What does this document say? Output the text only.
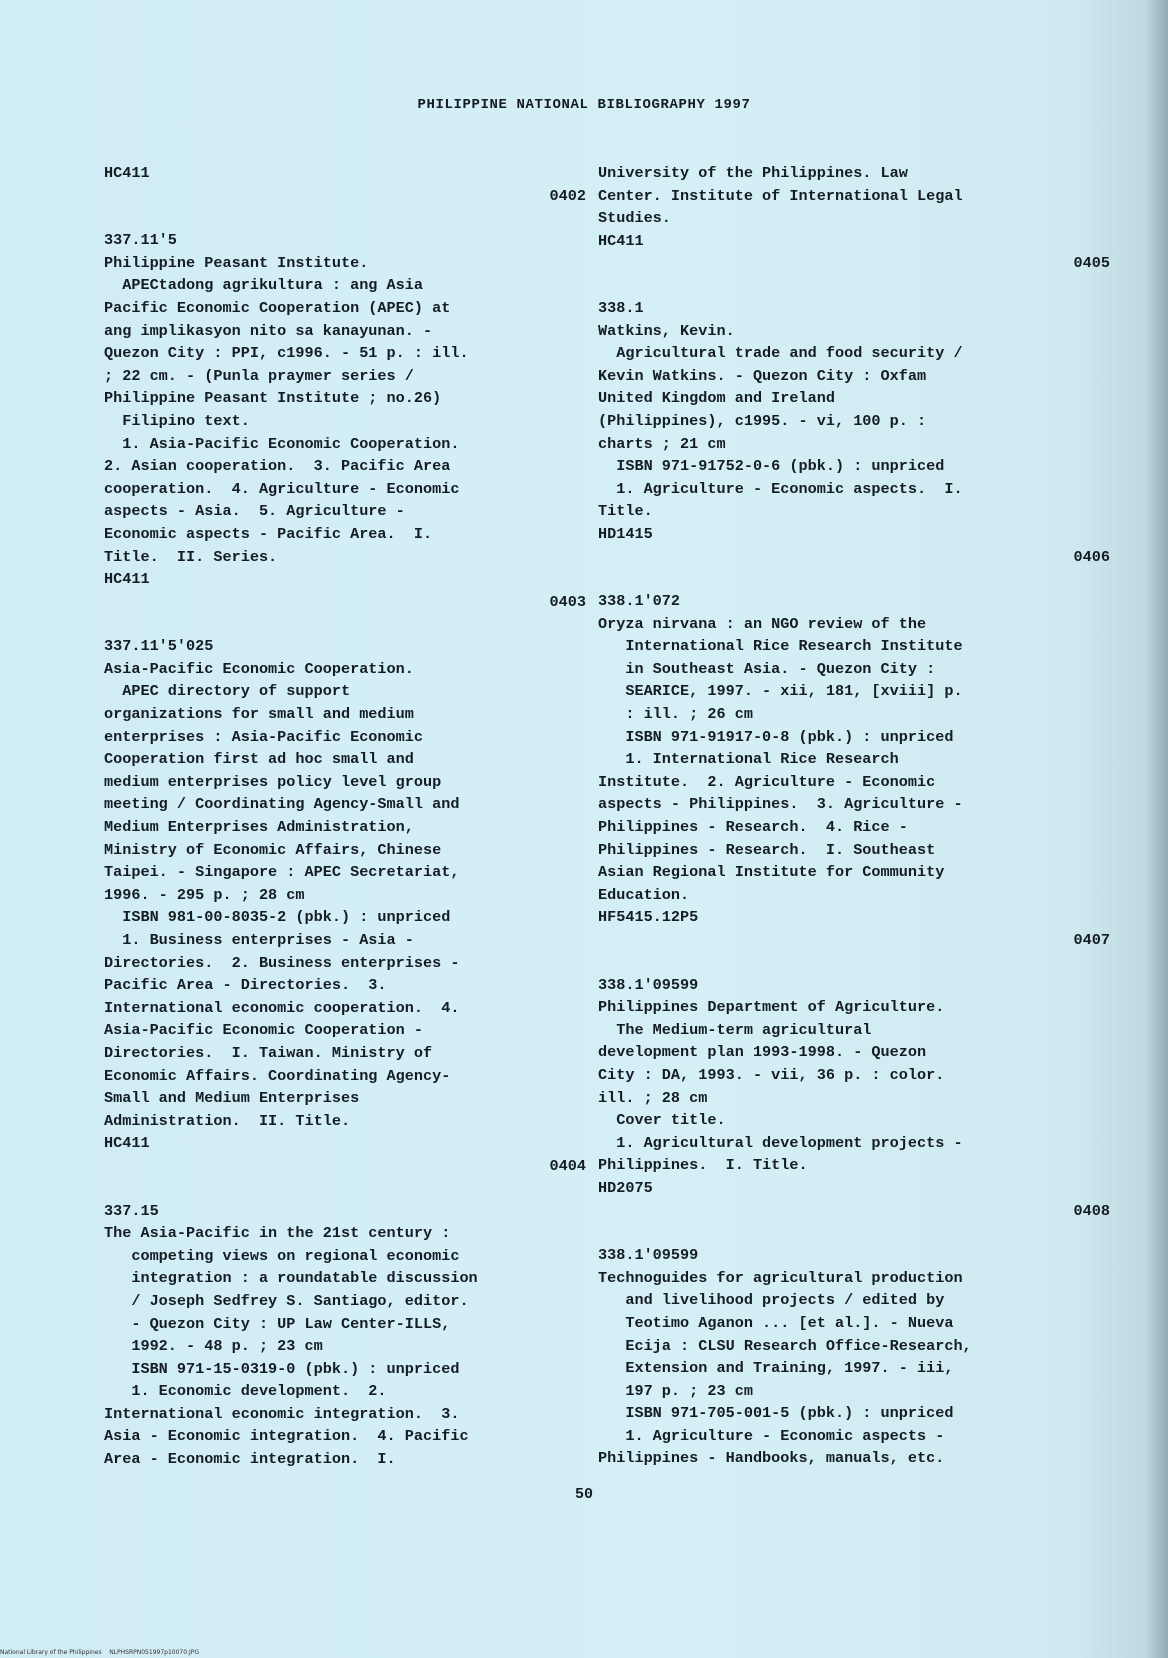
PHILIPPINE NATIONAL BIBLIOGRAPHY 1997
HC411
0402
337.11'5
Philippine Peasant Institute.
APECtadong agrikultura : ang Asia
Pacific Economic Cooperation (APEC) at
ang implikasyon nito sa kanayunan. -
Quezon City : PPI, c1996. - 51 p. : ill.
; 22 cm. - (Punla praymer series /
Philippine Peasant Institute ; no.26)
Filipino text.
1. Asia-Pacific Economic Cooperation.
2. Asian cooperation.  3. Pacific Area
cooperation.  4. Agriculture - Economic
aspects - Asia.  5. Agriculture -
Economic aspects - Pacific Area.  I.
Title.  II. Series.
HC411
0403
337.11'5'025
Asia-Pacific Economic Cooperation.
APEC directory of support
organizations for small and medium
enterprises : Asia-Pacific Economic
Cooperation first ad hoc small and
medium enterprises policy level group
meeting / Coordinating Agency-Small and
Medium Enterprises Administration,
Ministry of Economic Affairs, Chinese
Taipei. - Singapore : APEC Secretariat,
1996. - 295 p. ; 28 cm
ISBN 981-00-8035-2 (pbk.) : unpriced
1. Business enterprises - Asia -
Directories.  2. Business enterprises -
Pacific Area - Directories.  3.
International economic cooperation.  4.
Asia-Pacific Economic Cooperation -
Directories.  I. Taiwan. Ministry of
Economic Affairs. Coordinating Agency-
Small and Medium Enterprises
Administration.  II. Title.
HC411
0404
337.15
The Asia-Pacific in the 21st century :
competing views on regional economic
integration : a roundatable discussion
/ Joseph Sedfrey S. Santiago, editor.
- Quezon City : UP Law Center-ILLS,
1992. - 48 p. ; 23 cm
ISBN 971-15-0319-0 (pbk.) : unpriced
1. Economic development.  2.
International economic integration.  3.
Asia - Economic integration.  4. Pacific
Area - Economic integration.  I.
University of the Philippines. Law
Center. Institute of International Legal
Studies.
HC411
0405
338.1
Watkins, Kevin.
Agricultural trade and food security /
Kevin Watkins. - Quezon City : Oxfam
United Kingdom and Ireland
(Philippines), c1995. - vi, 100 p. :
charts ; 21 cm
ISBN 971-91752-0-6 (pbk.) : unpriced
1. Agriculture - Economic aspects.  I.
Title.
HD1415
0406
338.1'072
Oryza nirvana : an NGO review of the
International Rice Research Institute
in Southeast Asia. - Quezon City :
SEARICE, 1997. - xii, 181, [xviii] p.
: ill. ; 26 cm
ISBN 971-91917-0-8 (pbk.) : unpriced
1. International Rice Research
Institute.  2. Agriculture - Economic
aspects - Philippines.  3. Agriculture -
Philippines - Research.  4. Rice -
Philippines - Research.  I. Southeast
Asian Regional Institute for Community
Education.
HF5415.12P5
0407
338.1'09599
Philippines Department of Agriculture.
The Medium-term agricultural
development plan 1993-1998. - Quezon
City : DA, 1993. - vii, 36 p. : color.
ill. ; 28 cm
Cover title.
1. Agricultural development projects -
Philippines.  I. Title.
HD2075
0408
338.1'09599
Technoguides for agricultural production
and livelihood projects / edited by
Teotimo Aganon ... [et al.]. - Nueva
Ecija : CLSU Research Office-Research,
Extension and Training, 1997. - iii,
197 p. ; 23 cm
ISBN 971-705-001-5 (pbk.) : unpriced
1. Agriculture - Economic aspects -
Philippines - Handbooks, manuals, etc.
50
National Library of the Philippines    NLPHSRPN051997p10070.JPG
